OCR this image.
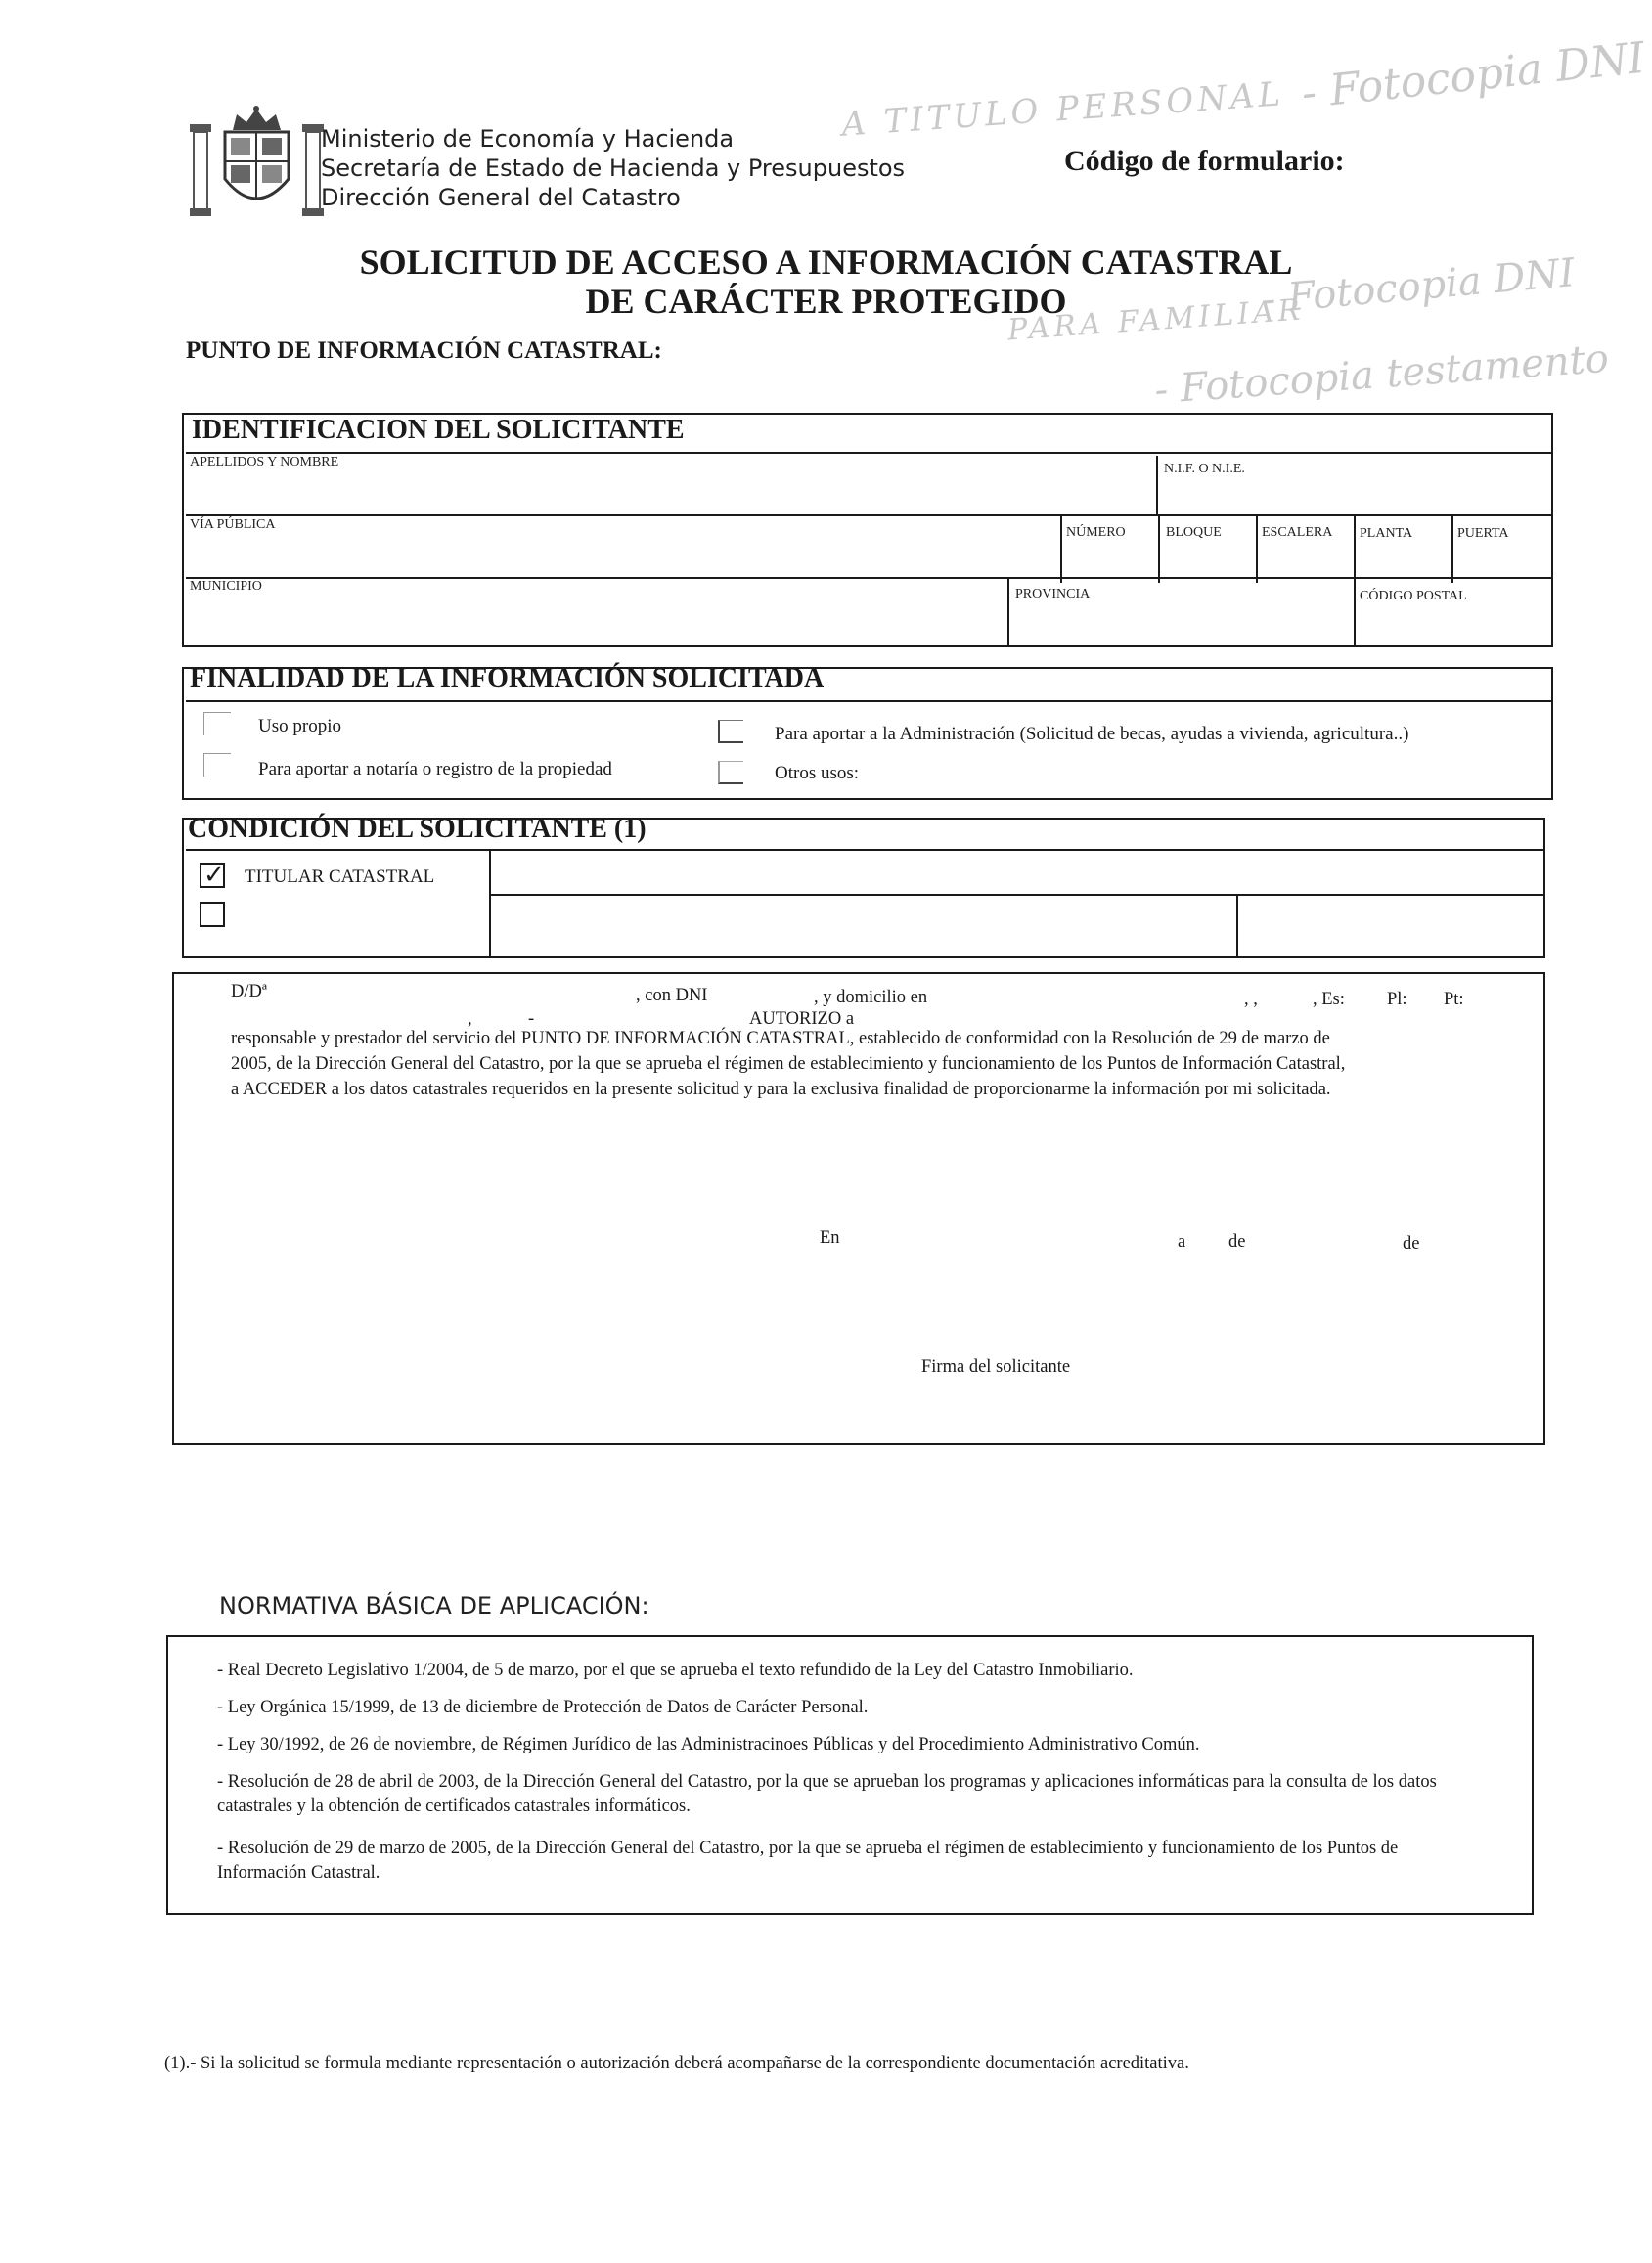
- Fotocopia DNI
A TITULO PERSONAL
- Fotocopia DNI
PARA FAMILIAR
- Fotocopia testamento
Ministerio de Economía y Hacienda
Secretaría de Estado de Hacienda y Presupuestos
Dirección General del Catastro
Código de formulario:
SOLICITUD DE ACCESO A INFORMACIÓN CATASTRAL
DE CARÁCTER PROTEGIDO
PUNTO DE INFORMACIÓN CATASTRAL:
IDENTIFICACION DEL SOLICITANTE
APELLIDOS Y NOMBRE	N.I.F. O N.I.E.
VÍA PÚBLICA
NÚMERO	BLOQUE	ESCALERA PLANTA	PUERTA
MUNICIPIO
PROVINCIA	CÓDIGO POSTAL
FINALIDAD DE LA INFORMACIÓN SOLICITADA
Uso propio
Para aportar a notaría o registro de la propiedad
Para aportar a la Administración (Solicitud de becas, ayudas a vivienda, agricultura..)
Otros usos:
CONDICIÓN DEL SOLICITANTE (1)
✓ TITULAR CATASTRAL
D/Dª	, con DNI	, y domicilio en	, ,	, Es: Pl: Pt:
,	-	AUTORIZO a
responsable y prestador del servicio del PUNTO DE INFORMACIÓN CATASTRAL, establecido de conformidad con la Resolución de 29 de marzo de
2005, de la Dirección General del Catastro, por la que se aprueba el régimen de establecimiento y funcionamiento de los Puntos de Información Catastral,
a ACCEDER a los datos catastrales requeridos en la presente solicitud y para la exclusiva finalidad de proporcionarme la información por mi solicitada.
En	a de	de
Firma del solicitante
NORMATIVA BÁSICA DE APLICACIÓN:
- Real Decreto Legislativo 1/2004, de 5 de marzo, por el que se aprueba el texto refundido de la Ley del Catastro Inmobiliario.
- Ley Orgánica 15/1999, de 13 de diciembre de Protección de Datos de Carácter Personal.
- Ley 30/1992, de 26 de noviembre, de Régimen Jurídico de las Administracinoes Públicas y del Procedimiento Administrativo Común.
- Resolución de 28 de abril de 2003, de la Dirección General del Catastro, por la que se aprueban los programas y aplicaciones informáticas para la consulta de los datos catastrales y la obtención de certificados catastrales informáticos.
- Resolución de 29 de marzo de 2005, de la Dirección General del Catastro, por la que se aprueba el régimen de establecimiento y funcionamiento de los Puntos de Información Catastral.
(1).- Si la solicitud se formula mediante representación o autorización deberá acompañarse de la correspondiente documentación acreditativa.
